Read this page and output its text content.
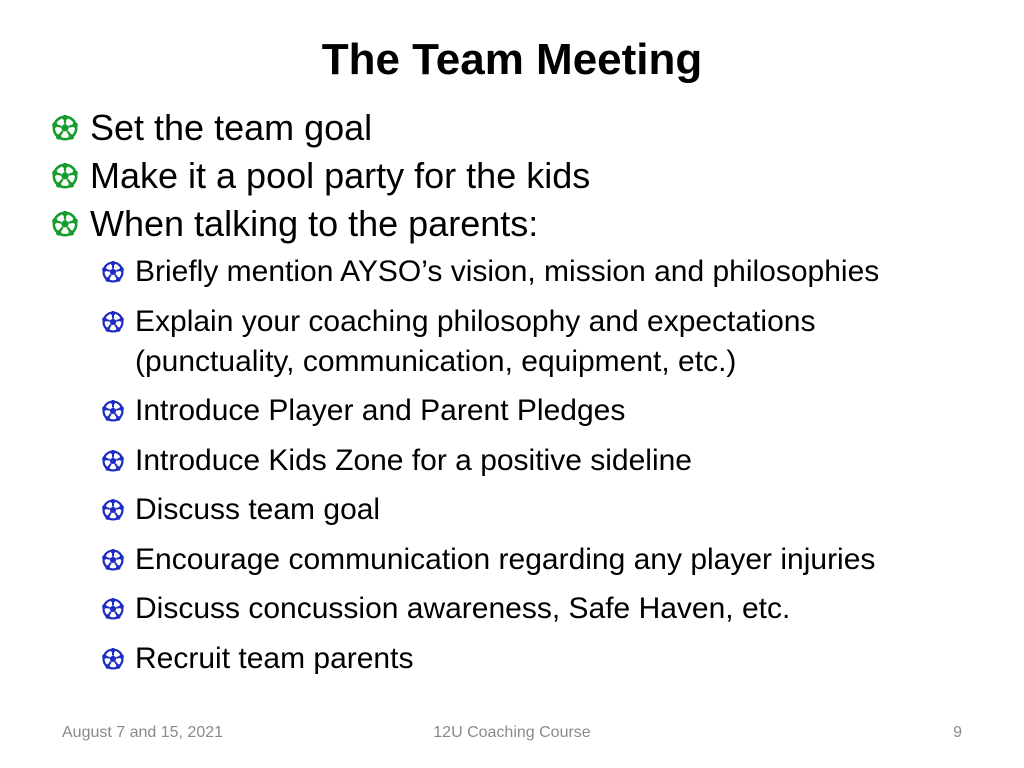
The Team Meeting
Set the team goal
Make it a pool party for the kids
When talking to the parents:
Briefly mention AYSO’s vision, mission and philosophies
Explain your coaching philosophy and expectations
(punctuality, communication, equipment, etc.)
Introduce Player and Parent Pledges
Introduce Kids Zone for a positive sideline
Discuss team goal
Encourage communication regarding any player injuries
Discuss concussion awareness, Safe Haven, etc.
Recruit team parents
August 7 and 15, 2021	12U Coaching Course	9
